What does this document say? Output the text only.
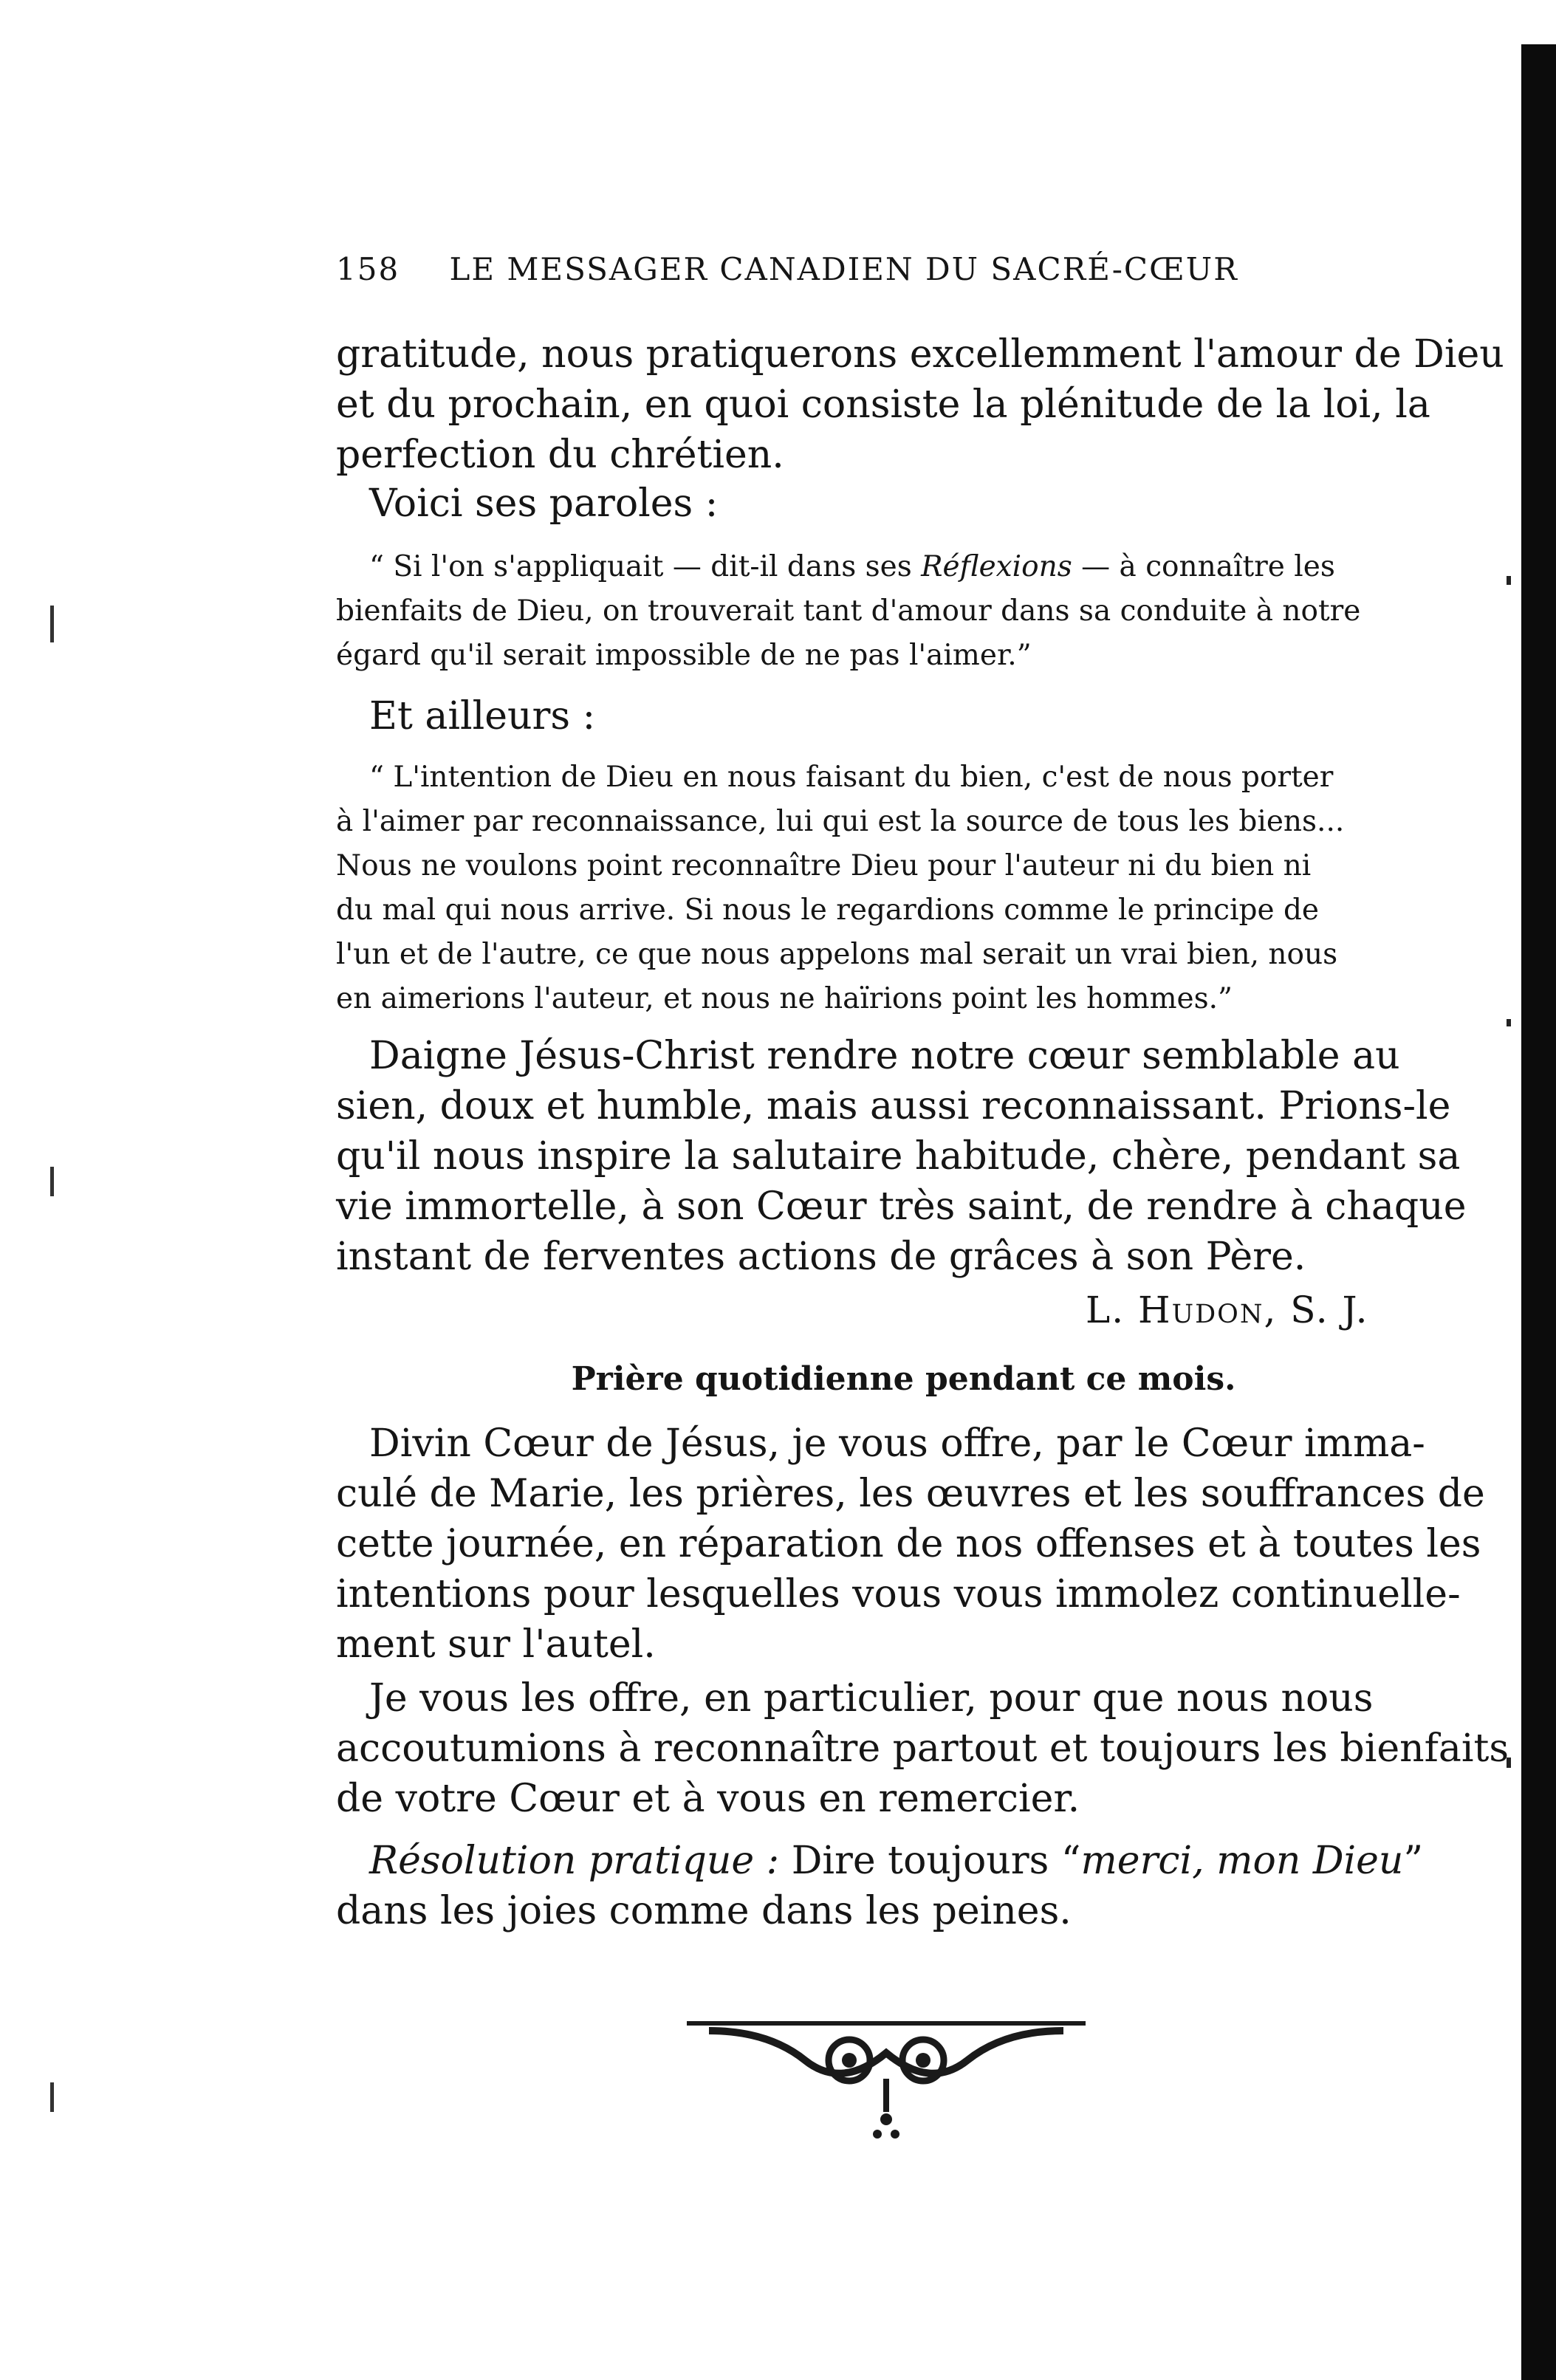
158 LE MESSAGER CANADIEN DU SACRÉ-CŒUR
gratitude, nous pratiquerons excellemment l'amour de Dieu
et du prochain, en quoi consiste la plénitude de la loi, la
perfection du chrétien.
Voici ses paroles :
“ Si l'on s'appliquait — dit-il dans ses Réflexions — à connaître les
bienfaits de Dieu, on trouverait tant d'amour dans sa conduite à notre
égard qu'il serait impossible de ne pas l'aimer.”
Et ailleurs :
“ L'intention de Dieu en nous faisant du bien, c'est de nous porter
à l'aimer par reconnaissance, lui qui est la source de tous les biens...
Nous ne voulons point reconnaître Dieu pour l'auteur ni du bien ni
du mal qui nous arrive. Si nous le regardions comme le principe de
l'un et de l'autre, ce que nous appelons mal serait un vrai bien, nous
en aimerions l'auteur, et nous ne haïrions point les hommes.”
Daigne Jésus-Christ rendre notre cœur semblable au
sien, doux et humble, mais aussi reconnaissant. Prions-le
qu'il nous inspire la salutaire habitude, chère, pendant sa
vie immortelle, à son Cœur très saint, de rendre à chaque
instant de ferventes actions de grâces à son Père.
L. Hudon, S. J.
Prière quotidienne pendant ce mois.
Divin Cœur de Jésus, je vous offre, par le Cœur imma-
culé de Marie, les prières, les œuvres et les souffrances de
cette journée, en réparation de nos offenses et à toutes les
intentions pour lesquelles vous vous immolez continuelle-
ment sur l'autel.
Je vous les offre, en particulier, pour que nous nous
accoutumions à reconnaître partout et toujours les bienfaits
de votre Cœur et à vous en remercier.
Résolution pratique : Dire toujours “merci, mon Dieu”
dans les joies comme dans les peines.
